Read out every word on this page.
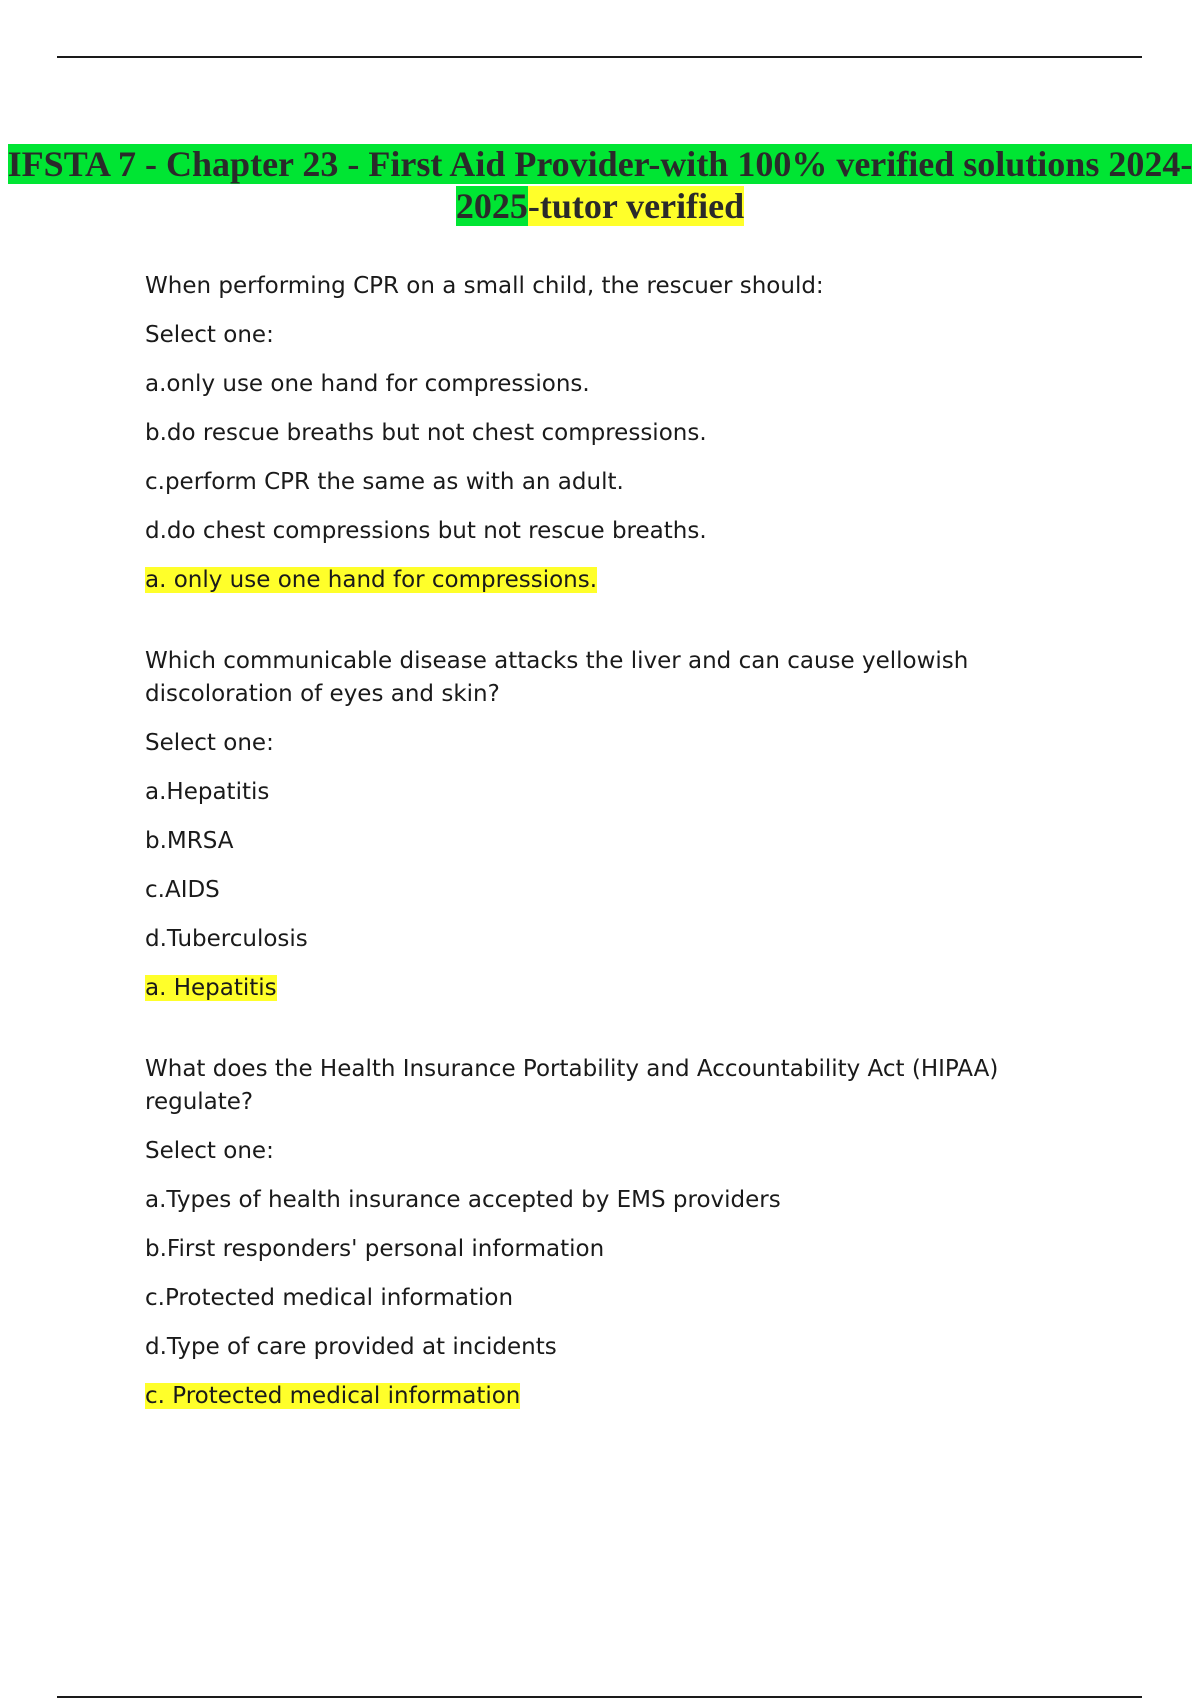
IFSTA 7 - Chapter 23 - First Aid Provider-with 100% verified solutions 2024-2025-tutor verified

When performing CPR on a small child, the rescuer should:

Select one:

a.only use one hand for compressions.

b.do rescue breaths but not chest compressions.

c.perform CPR the same as with an adult.

d.do chest compressions but not rescue breaths.

a. only use one hand for compressions.

Which communicable disease attacks the liver and can cause yellowish discoloration of eyes and skin?

Select one:

a.Hepatitis

b.MRSA

c.AIDS

d.Tuberculosis

a. Hepatitis

What does the Health Insurance Portability and Accountability Act (HIPAA) regulate?

Select one:

a.Types of health insurance accepted by EMS providers

b.First responders' personal information

c.Protected medical information

d.Type of care provided at incidents

c. Protected medical information
